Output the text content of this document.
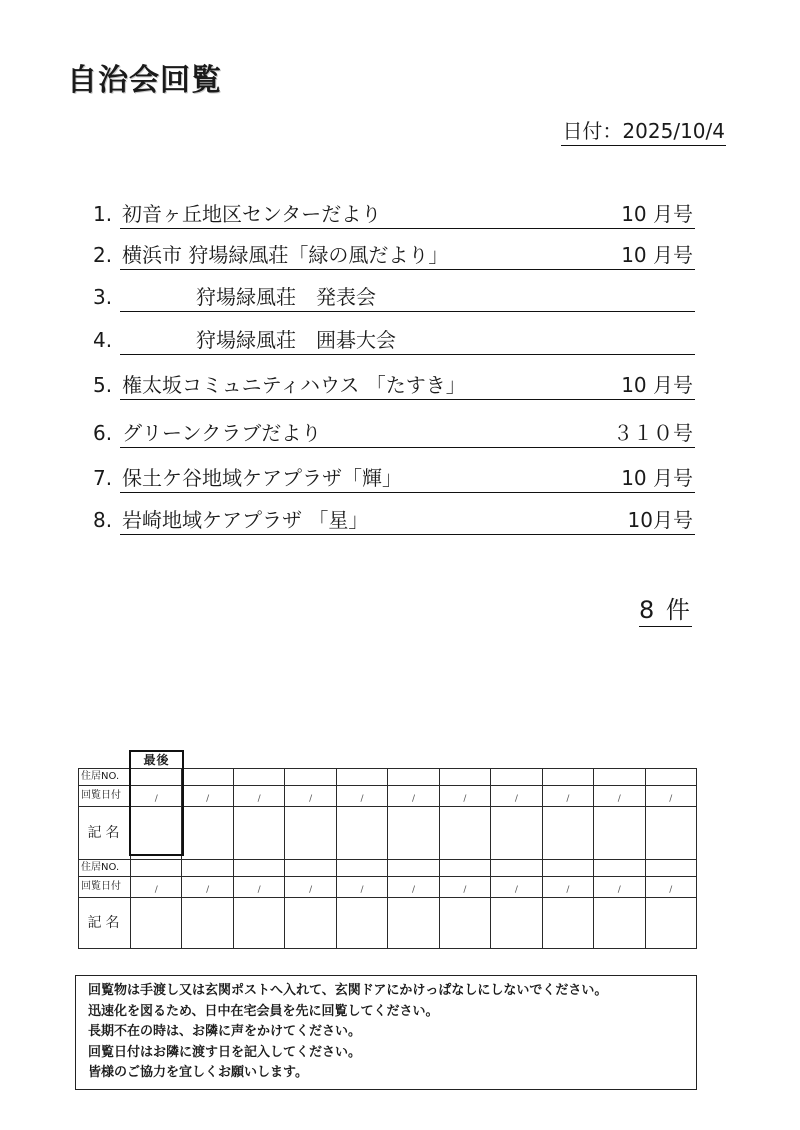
自治会回覧
日付：2025/10/4
1. 初音ヶ丘地区センターだより	10 月号
2. 横浜市 狩場緑風荘「緑の風だより」	10 月号
3.	狩場緑風荘　発表会
4.	狩場緑風荘　囲碁大会
5. 権太坂コミュニティハウス 「たすき」	10 月号
6. グリーンクラブだより	３１０号
7. 保土ケ谷地域ケアプラザ「輝」	10 月号
8. 岩崎地域ケアプラザ 「星」	10月号
8 件
最後
住居NO.											
回覧日付	/	/	/	/	/	/	/	/	/	/	/
記名											
住居NO.											
回覧日付	/	/	/	/	/	/	/	/	/	/	/
記名											
回覧物は手渡し又は玄関ポストへ入れて、玄関ドアにかけっぱなしにしないでください。
迅速化を図るため、日中在宅会員を先に回覧してください。
長期不在の時は、お隣に声をかけてください。
回覧日付はお隣に渡す日を記入してください。
皆様のご協力を宜しくお願いします。
